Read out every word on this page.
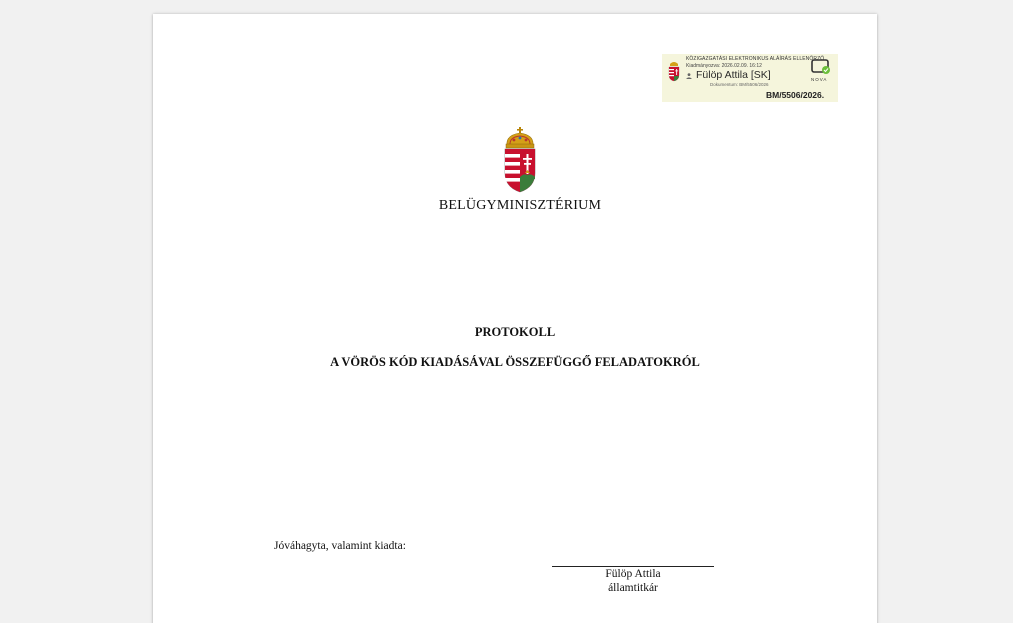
KÖZIGAZGATÁSI ELEKTRONIKUS ALÁÍRÁS ELLENŐRZŐ
Kiadmányozva: 2026.02.09. 16:12
Fülöp Attila [SK]
Dokumentum: BM/5506/2026
NOVA
BM/5506/2026.
BELÜGYMINISZTÉRIUM
PROTOKOLL
A VÖRÖS KÓD KIADÁSÁVAL ÖSSZEFÜGGŐ FELADATOKRÓL
Jóváhagyta, valamint kiadta:
Fülöp Attila
államtitkár
